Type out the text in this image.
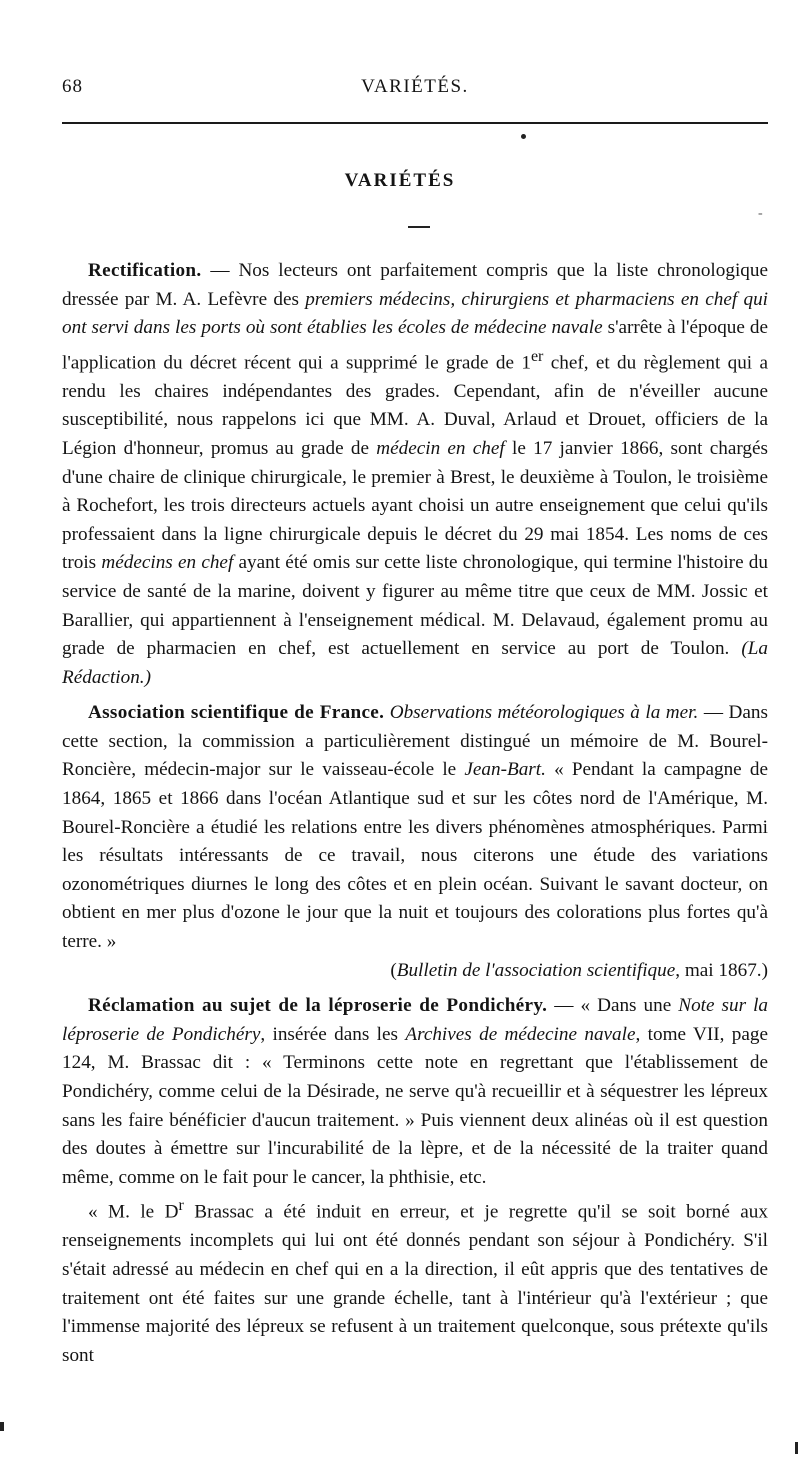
68	VARIÉTÉS.
VARIÉTÉS
-

Rectification. — Nos lecteurs ont parfaitement compris que la liste chronologique dressée par M. A. Lefèvre des premiers médecins, chirurgiens et pharmaciens en chef qui ont servi dans les ports où sont établies les écoles de médecine navale s'arrête à l'époque de l'application du décret récent qui a supprimé le grade de 1er chef, et du règlement qui a rendu les chaires indépendantes des grades. Cependant, afin de n'éveiller aucune susceptibilité, nous rappelons ici que MM. A. Duval, Arlaud et Drouet, officiers de la Légion d'honneur, promus au grade de médecin en chef le 17 janvier 1866, sont chargés d'une chaire de clinique chirurgicale, le premier à Brest, le deuxième à Toulon, le troisième à Rochefort, les trois directeurs actuels ayant choisi un autre enseignement que celui qu'ils professaient dans la ligne chirurgicale depuis le décret du 29 mai 1854. Les noms de ces trois médecins en chef ayant été omis sur cette liste chronologique, qui termine l'histoire du service de santé de la marine, doivent y figurer au même titre que ceux de MM. Jossic et Barallier, qui appartiennent à l'enseignement médical. M. Delavaud, également promu au grade de pharmacien en chef, est actuellement en service au port de Toulon. (La Rédaction.)

Association scientifique de France. Observations météorologiques à la mer. — Dans cette section, la commission a particulièrement distingué un mémoire de M. Bourel-Roncière, médecin-major sur le vaisseau-école le Jean-Bart. « Pendant la campagne de 1864, 1865 et 1866 dans l'océan Atlantique sud et sur les côtes nord de l'Amérique, M. Bourel-Roncière a étudié les relations entre les divers phénomènes atmosphériques. Parmi les résultats intéressants de ce travail, nous citerons une étude des variations ozonométriques diurnes le long des côtes et en plein océan. Suivant le savant docteur, on obtient en mer plus d'ozone le jour que la nuit et toujours des colorations plus fortes qu'à terre. »

(Bulletin de l'association scientifique, mai 1867.)

Réclamation au sujet de la léproserie de Pondichéry. — « Dans une Note sur la léproserie de Pondichéry, insérée dans les Archives de médecine navale, tome VII, page 124, M. Brassac dit : « Terminons cette note en regrettant que l'établissement de Pondichéry, comme celui de la Désirade, ne serve qu'à recueillir et à séquestrer les lépreux sans les faire bénéficier d'aucun traitement. » Puis viennent deux alinéas où il est question des doutes à émettre sur l'incurabilité de la lèpre, et de la nécessité de la traiter quand même, comme on le fait pour le cancer, la phthisie, etc.

« M. le $D^r$ Brassac a été induit en erreur, et je regrette qu'il se soit borné aux renseignements incomplets qui lui ont été donnés pendant son séjour à Pondichéry. S'il s'était adressé au médecin en chef qui en a la direction, il eût appris que des tentatives de traitement ont été faites sur une grande échelle, tant à l'intérieur qu'à l'extérieur ; que l'immense majorité des lépreux se refusent à un traitement quelconque, sous prétexte qu'ils sont
